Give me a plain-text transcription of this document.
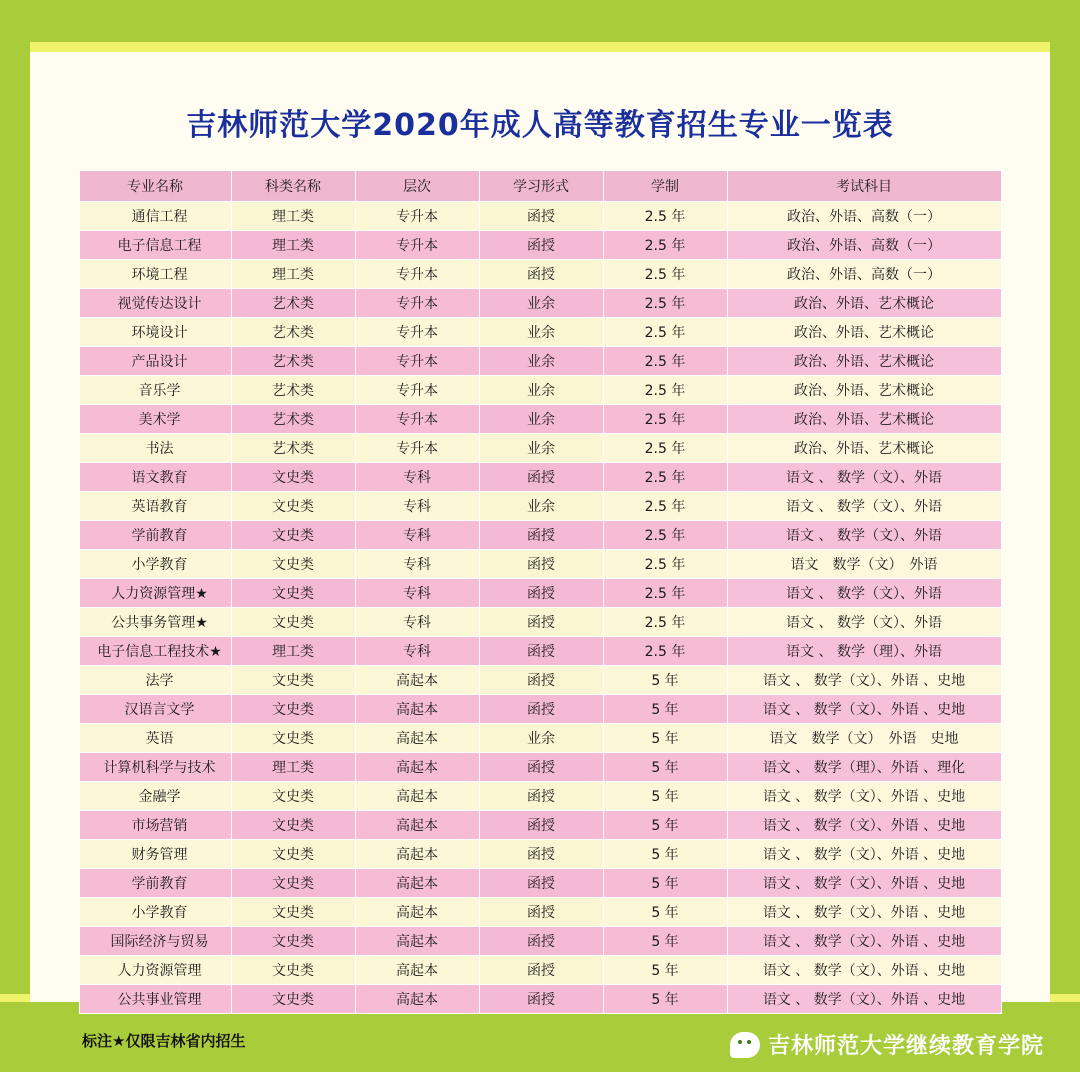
吉林师范大学继续教育学院
吉林师范大学2020年成人高等教育招生专业一览表
专业名称	科类名称	层次	学习形式	学制	考试科目
通信工程	理工类	专升本	函授	2.5 年	政治、外语、高数（一）
电子信息工程	理工类	专升本	函授	2.5 年	政治、外语、高数（一）
环境工程	理工类	专升本	函授	2.5 年	政治、外语、高数（一）
视觉传达设计	艺术类	专升本	业余	2.5 年	政治、外语、艺术概论
环境设计	艺术类	专升本	业余	2.5 年	政治、外语、艺术概论
产品设计	艺术类	专升本	业余	2.5 年	政治、外语、艺术概论
音乐学	艺术类	专升本	业余	2.5 年	政治、外语、艺术概论
美术学	艺术类	专升本	业余	2.5 年	政治、外语、艺术概论
书法	艺术类	专升本	业余	2.5 年	政治、外语、艺术概论
语文教育	文史类	专科	函授	2.5 年	语文 、 数学（文）、外语
英语教育	文史类	专科	业余	2.5 年	语文 、 数学（文）、外语
学前教育	文史类	专科	函授	2.5 年	语文 、 数学（文）、外语
小学教育	文史类	专科	函授	2.5 年	语文　数学（文）　外语
人力资源管理★	文史类	专科	函授	2.5 年	语文 、 数学（文）、外语
公共事务管理★	文史类	专科	函授	2.5 年	语文 、 数学（文）、外语
电子信息工程技术★	理工类	专科	函授	2.5 年	语文 、 数学（理）、外语
法学	文史类	高起本	函授	5 年	语文 、 数学（文）、外语 、史地
汉语言文学	文史类	高起本	函授	5 年	语文 、 数学（文）、外语 、史地
英语	文史类	高起本	业余	5 年	语文　数学（文）　外语　史地
计算机科学与技术	理工类	高起本	函授	5 年	语文 、 数学（理）、外语 、理化
金融学	文史类	高起本	函授	5 年	语文 、 数学（文）、外语 、史地
市场营销	文史类	高起本	函授	5 年	语文 、 数学（文）、外语 、史地
财务管理	文史类	高起本	函授	5 年	语文 、 数学（文）、外语 、史地
学前教育	文史类	高起本	函授	5 年	语文 、 数学（文）、外语 、史地
小学教育	文史类	高起本	函授	5 年	语文 、 数学（文）、外语 、史地
国际经济与贸易	文史类	高起本	函授	5 年	语文 、 数学（文）、外语 、史地
人力资源管理	文史类	高起本	函授	5 年	语文 、 数学（文）、外语 、史地
公共事业管理	文史类	高起本	函授	5 年	语文 、 数学（文）、外语 、史地
标注★仅限吉林省内招生
